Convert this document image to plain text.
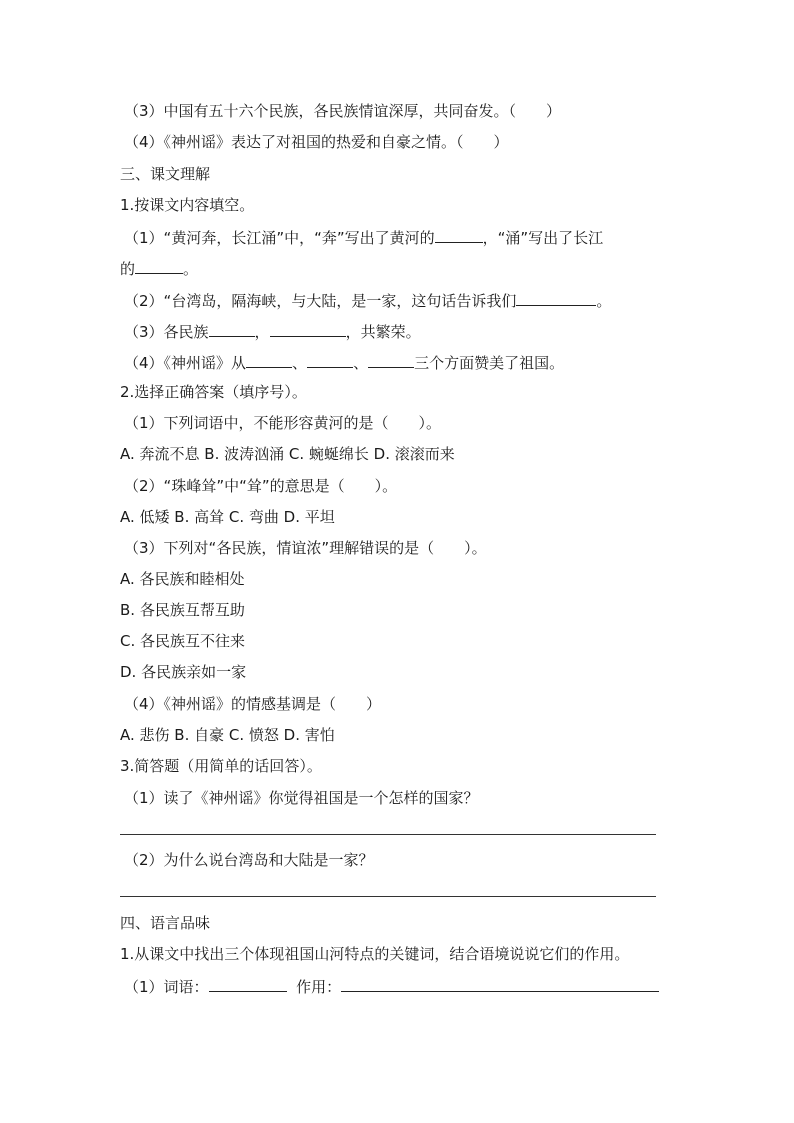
（3）中国有五十六个民族，各民族情谊深厚，共同奋发。（　　）
（4）《神州谣》表达了对祖国的热爱和自豪之情。（　　）
三、课文理解
1.按课文内容填空。
（1）“黄河奔，长江涌”中，“奔”写出了黄河的	，“涌”写出了长江
的	。
（2）“台湾岛，隔海峡，与大陆，是一家，这句话告诉我们	。
（3）各民族	，	，共繁荣。
（4）《神州谣》从	、	、	三个方面赞美了祖国。
2.选择正确答案（填序号）。
（1）下列词语中，不能形容黄河的是（　　）。
A. 奔流不息 B. 波涛汹涌 C. 蜿蜒绵长 D. 滚滚而来
（2）“珠峰耸”中“耸”的意思是（　　）。
A. 低矮 B. 高耸 C. 弯曲 D. 平坦
（3）下列对“各民族，情谊浓”理解错误的是（　　）。
A. 各民族和睦相处
B. 各民族互帮互助
C. 各民族互不往来
D. 各民族亲如一家
（4）《神州谣》的情感基调是（　　）
A. 悲伤 B. 自豪 C. 愤怒 D. 害怕
3.简答题（用简单的话回答）。
（1）读了《神州谣》你觉得祖国是一个怎样的国家？
（2）为什么说台湾岛和大陆是一家？
四、语言品味
1.从课文中找出三个体现祖国山河特点的关键词，结合语境说说它们的作用。
（1）词语：	作用：
